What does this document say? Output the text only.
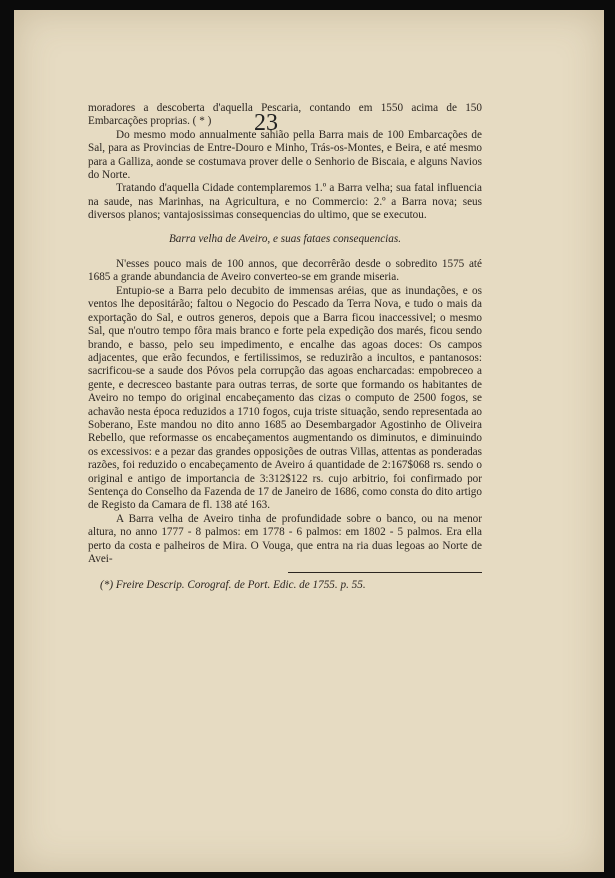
23

moradores a descoberta d'aquella Pescaria, contando em 1550 acima de 150 Embarcações proprias. ( * )

Do mesmo modo annualmente sahião pella Barra mais de 100 Embarcações de Sal, para as Provincias de Entre-Douro e Minho, Trás-os-Montes, e Beira, e até mesmo para a Galliza, aonde se costumava prover delle o Senhorio de Biscaia, e alguns Navios do Norte.

Tratando d'aquella Cidade contemplaremos 1.º a Barra velha; sua fatal influencia na saude, nas Marinhas, na Agricultura, e no Commercio: 2.º a Barra nova; seus diversos planos; vantajosissimas consequencias do ultimo, que se executou.

Barra velha de Aveiro, e suas fataes consequencias.

N'esses pouco mais de 100 annos, que decorrêrão desde o sobredito 1575 até 1685 a grande abundancia de Aveiro converteo-se em grande miseria.

Entupio-se a Barra pelo decubito de immensas aréias, que as inundações, e os ventos lhe depositárão; faltou o Negocio do Pescado da Terra Nova, e tudo o mais da exportação do Sal, e outros generos, depois que a Barra ficou inaccessivel; o mesmo Sal, que n'outro tempo fôra mais branco e forte pela expedição dos marés, ficou sendo brando, e basso, pelo seu impedimento, e encalhe das agoas doces: Os campos adjacentes, que erão fecundos, e fertilissimos, se reduzirão a incultos, e pantanosos: sacrificou-se a saude dos Póvos pela corrupção das agoas encharcadas: empobreceo a gente, e decresceo bastante para outras terras, de sorte que formando os habitantes de Aveiro no tempo do original encabeçamento das cizas o computo de 2500 fogos, se achavão nesta época reduzidos a 1710 fogos, cuja triste situação, sendo representada ao Soberano, Este mandou no dito anno 1685 ao Desembargador Agostinho de Oliveira Rebello, que reformasse os encabeçamentos augmentando os diminutos, e diminuindo os excessivos: e a pezar das grandes opposições de outras Villas, attentas as ponderadas razões, foi reduzido o encabeçamento de Aveiro á quantidade de 2:167$068 rs. sendo o original e antigo de importancia de 3:312$122 rs. cujo arbitrio, foi confirmado por Sentença do Conselho da Fazenda de 17 de Janeiro de 1686, como consta do dito artigo de Registo da Camara de fl. 138 até 163.

A Barra velha de Aveiro tinha de profundidade sobre o banco, ou na menor altura, no anno 1777 - 8 palmos: em 1778 - 6 palmos: em 1802 - 5 palmos. Era ella perto da costa e palheiros de Mira. O Vouga, que entra na ria duas legoas ao Norte de Avei-

(*) Freire Descrip. Corograf. de Port. Edic. de 1755. p. 55.
